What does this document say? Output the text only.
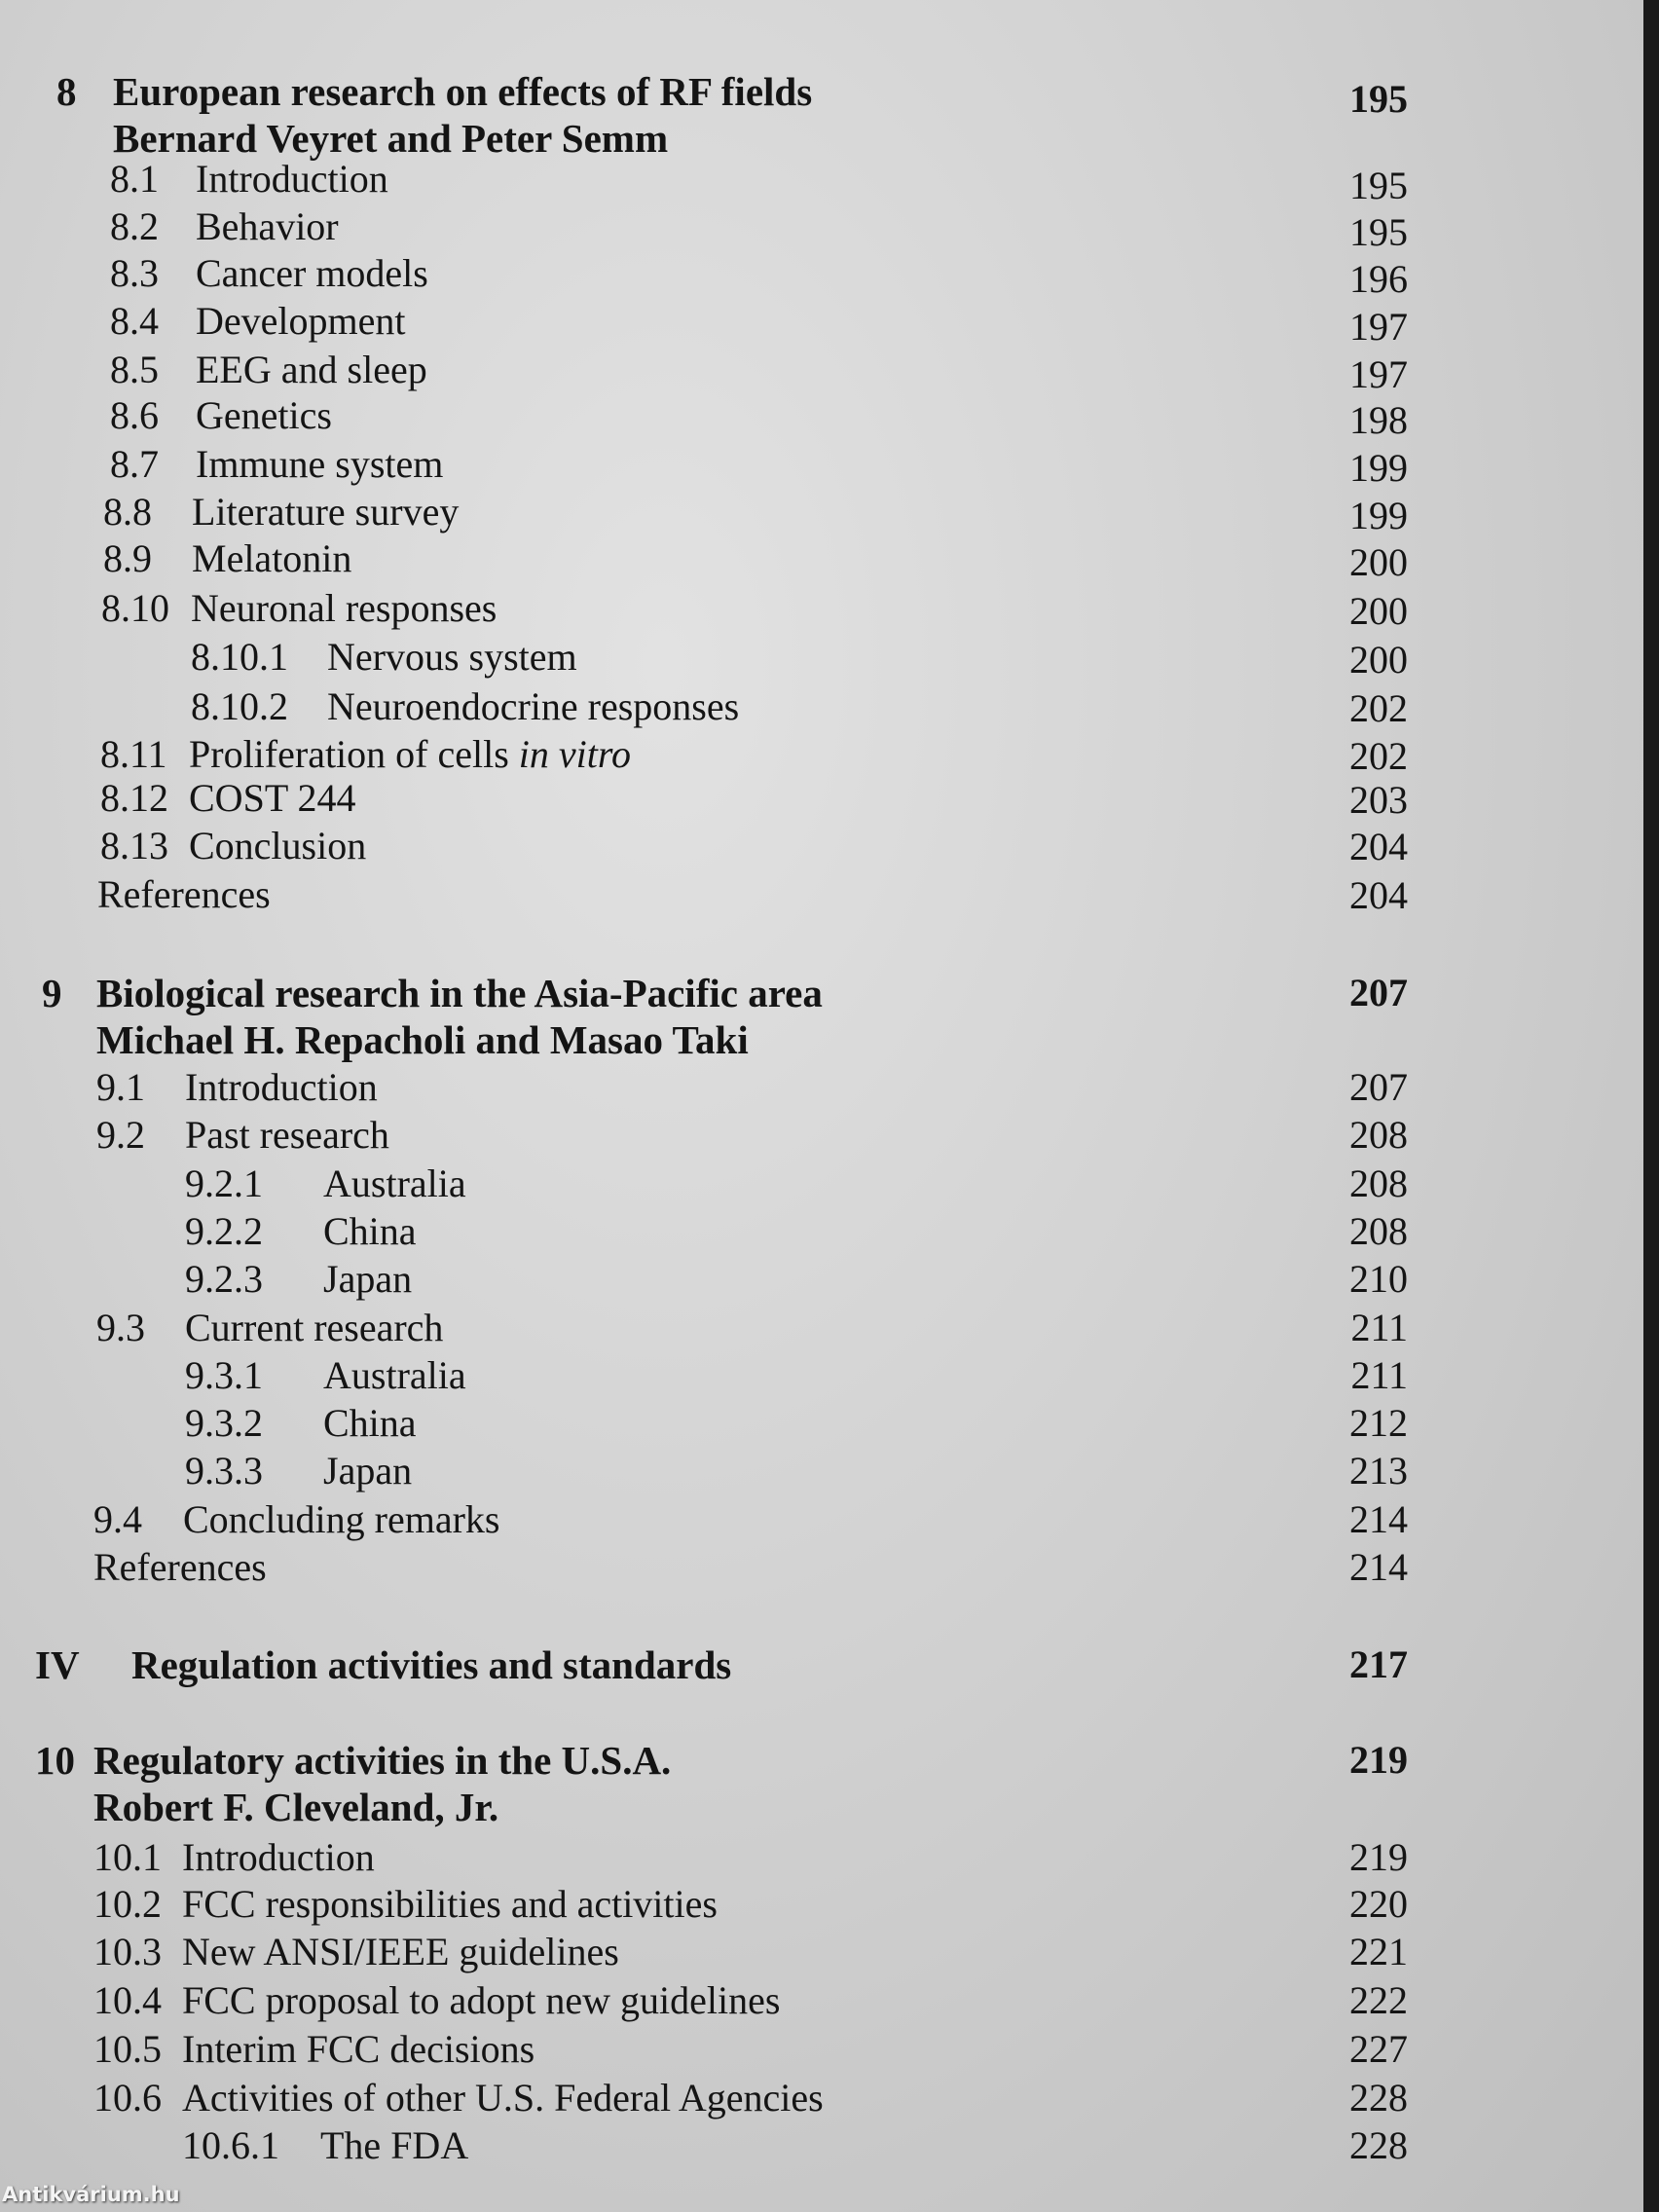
8 European research on effects of RF fields	195
Bernard Veyret and Peter Semm
8.1 Introduction	195
8.2 Behavior	195
8.3 Cancer models	196
8.4 Development	197
8.5 EEG and sleep	197
8.6 Genetics	198
8.7 Immune system	199
8.8 Literature survey	199
8.9 Melatonin	200
8.10 Neuronal responses	200
8.10.1 Nervous system	200
8.10.2 Neuroendocrine responses	202
8.11 Proliferation of cells in vitro	202
8.12 COST 244	203
8.13 Conclusion	204
References	204
9 Biological research in the Asia-Pacific area	207
Michael H. Repacholi and Masao Taki
9.1 Introduction	207
9.2 Past research	208
9.2.1 Australia	208
9.2.2 China	208
9.2.3 Japan	210
9.3 Current research	211
9.3.1 Australia	211
9.3.2 China	212
9.3.3 Japan	213
9.4 Concluding remarks	214
References	214
IV Regulation activities and standards	217
10 Regulatory activities in the U.S.A.	219
Robert F. Cleveland, Jr.
10.1 Introduction	219
10.2 FCC responsibilities and activities	220
10.3 New ANSI/IEEE guidelines	221
10.4 FCC proposal to adopt new guidelines	222
10.5 Interim FCC decisions	227
10.6 Activities of other U.S. Federal Agencies	228
10.6.1 The FDA	228
Antikvárium.hu
